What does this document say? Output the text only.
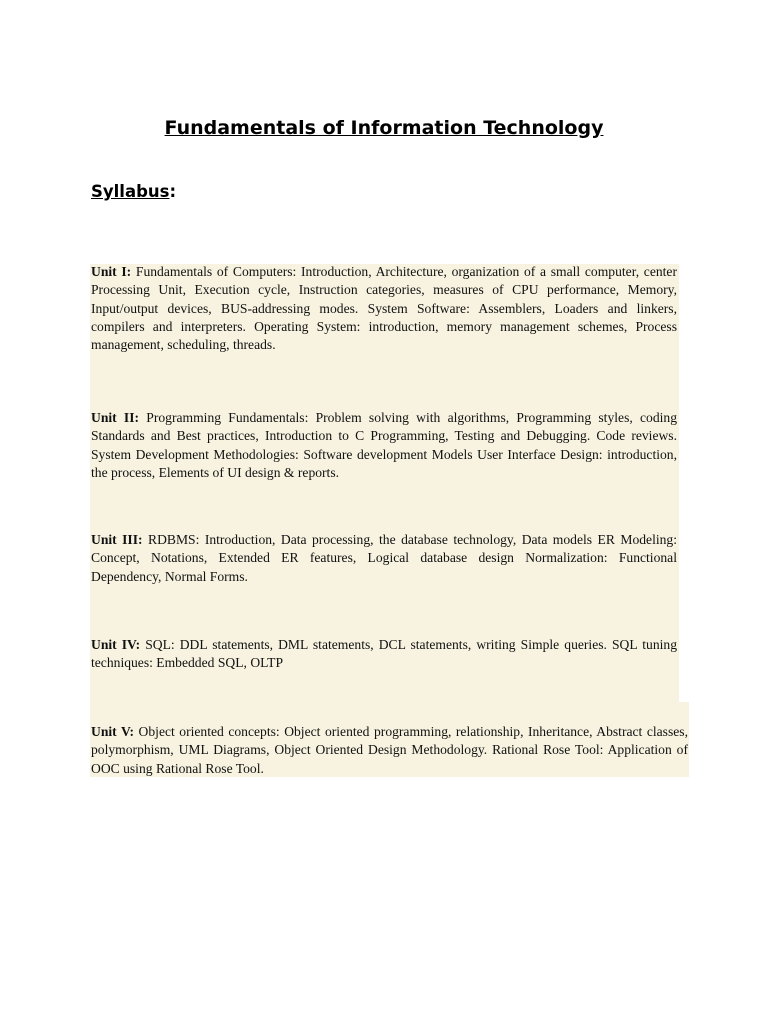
Fundamentals of Information Technology
Syllabus:

Unit I: Fundamentals of Computers: Introduction, Architecture, organization of a small computer, center Processing Unit, Execution cycle, Instruction categories, measures of CPU performance, Memory, Input/output devices, BUS-addressing modes. System Software: Assemblers, Loaders and linkers, compilers and interpreters. Operating System: introduction, memory management schemes, Process management, scheduling, threads.

Unit II: Programming Fundamentals: Problem solving with algorithms, Programming styles, coding Standards and Best practices, Introduction to C Programming, Testing and Debugging. Code reviews. System Development Methodologies: Software development Models User Interface Design: introduction, the process, Elements of UI design & reports.

Unit III: RDBMS: Introduction, Data processing, the database technology, Data models ER Modeling: Concept, Notations, Extended ER features, Logical database design Normalization: Functional Dependency, Normal Forms.

Unit IV: SQL: DDL statements, DML statements, DCL statements, writing Simple queries. SQL tuning techniques: Embedded SQL, OLTP

Unit V: Object oriented concepts: Object oriented programming, relationship, Inheritance, Abstract classes, polymorphism, UML Diagrams, Object Oriented Design Methodology. Rational Rose Tool: Application of OOC using Rational Rose Tool.
